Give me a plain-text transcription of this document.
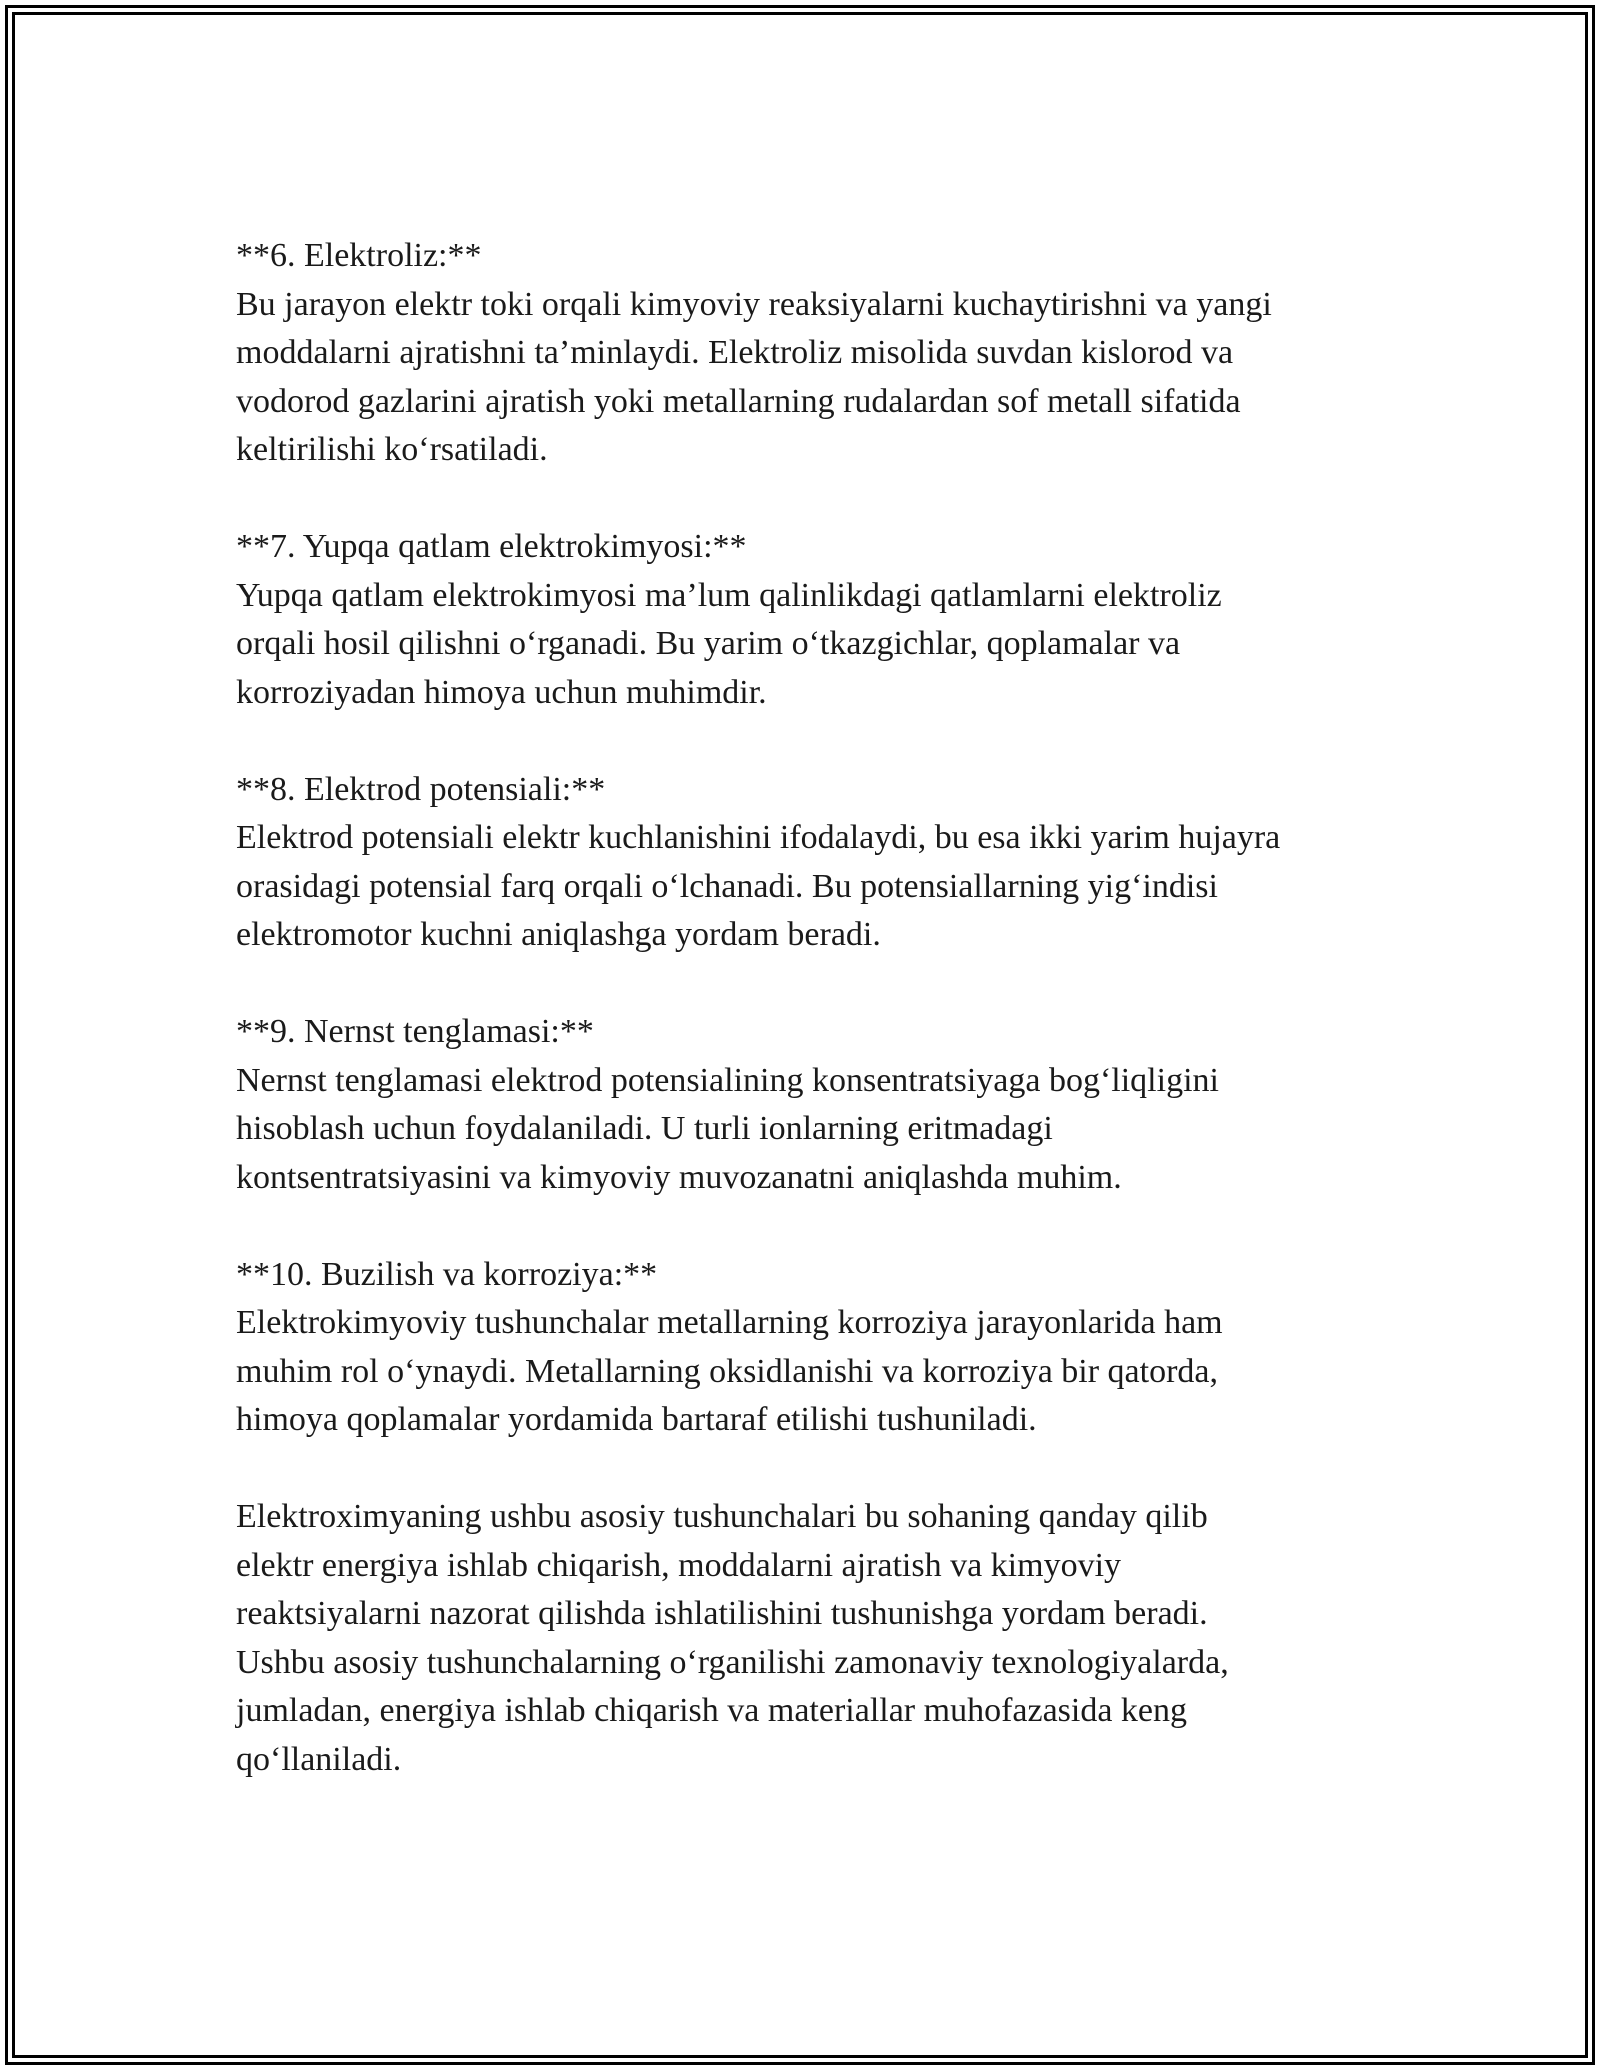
**6. Elektroliz:**
Bu jarayon elektr toki orqali kimyoviy reaksiyalarni kuchaytirishni va yangi
moddalarni ajratishni ta’minlaydi. Elektroliz misolida suvdan kislorod va
vodorod gazlarini ajratish yoki metallarning rudalardan sof metall sifatida
keltirilishi ko‘rsatiladi.
**7. Yupqa qatlam elektrokimyosi:**
Yupqa qatlam elektrokimyosi ma’lum qalinlikdagi qatlamlarni elektroliz
orqali hosil qilishni o‘rganadi. Bu yarim o‘tkazgichlar, qoplamalar va
korroziyadan himoya uchun muhimdir.
**8. Elektrod potensiali:**
Elektrod potensiali elektr kuchlanishini ifodalaydi, bu esa ikki yarim hujayra
orasidagi potensial farq orqali o‘lchanadi. Bu potensiallarning yig‘indisi
elektromotor kuchni aniqlashga yordam beradi.
**9. Nernst tenglamasi:**
Nernst tenglamasi elektrod potensialining konsentratsiyaga bog‘liqligini
hisoblash uchun foydalaniladi. U turli ionlarning eritmadagi
kontsentratsiyasini va kimyoviy muvozanatni aniqlashda muhim.
**10. Buzilish va korroziya:**
Elektrokimyoviy tushunchalar metallarning korroziya jarayonlarida ham
muhim rol o‘ynaydi. Metallarning oksidlanishi va korroziya bir qatorda,
himoya qoplamalar yordamida bartaraf etilishi tushuniladi.
Elektroximyaning ushbu asosiy tushunchalari bu sohaning qanday qilib
elektr energiya ishlab chiqarish, moddalarni ajratish va kimyoviy
reaktsiyalarni nazorat qilishda ishlatilishini tushunishga yordam beradi.
Ushbu asosiy tushunchalarning o‘rganilishi zamonaviy texnologiyalarda,
jumladan, energiya ishlab chiqarish va materiallar muhofazasida keng
qo‘llaniladi.
